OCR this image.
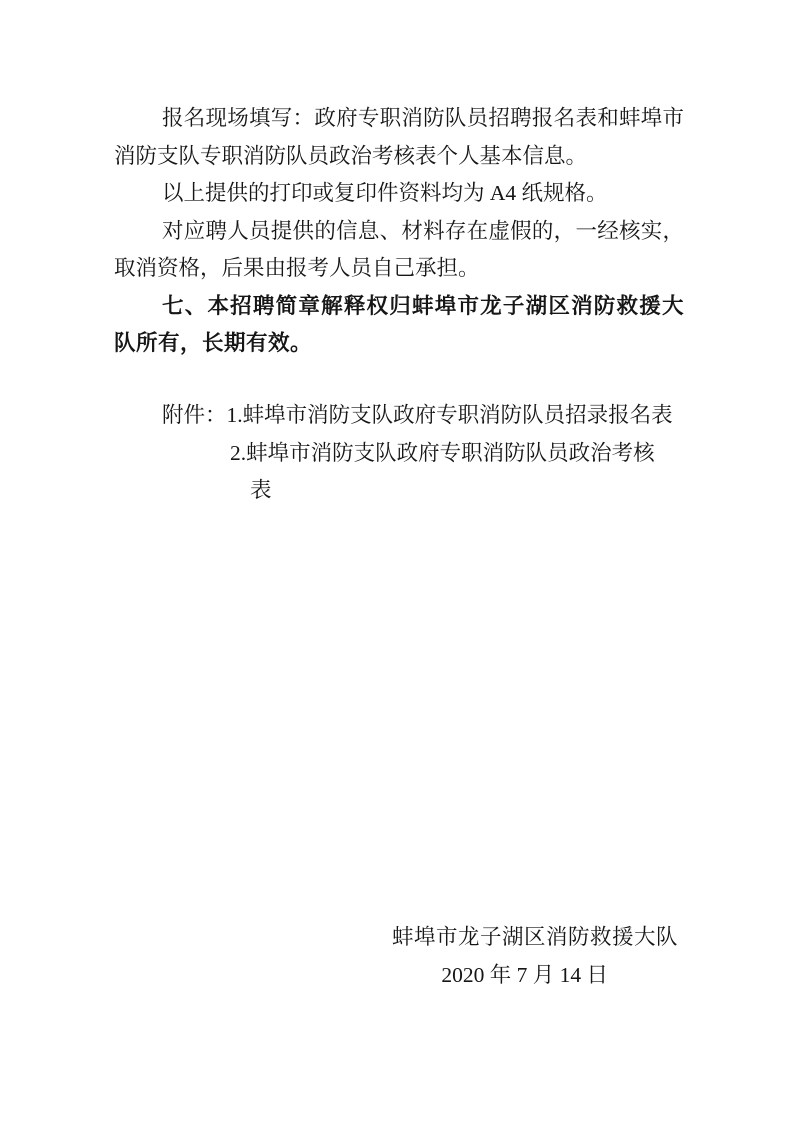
报名现场填写：政府专职消防队员招聘报名表和蚌埠市消防支队专职消防队员政治考核表个人基本信息。
以上提供的打印或复印件资料均为 A4 纸规格。
对应聘人员提供的信息、材料存在虚假的，一经核实，取消资格，后果由报考人员自己承担。
七、本招聘简章解释权归蚌埠市龙子湖区消防救援大队所有，长期有效。
附件：1.蚌埠市消防支队政府专职消防队员招录报名表
2.蚌埠市消防支队政府专职消防队员政治考核表
蚌埠市龙子湖区消防救援大队
2020 年 7 月 14 日
